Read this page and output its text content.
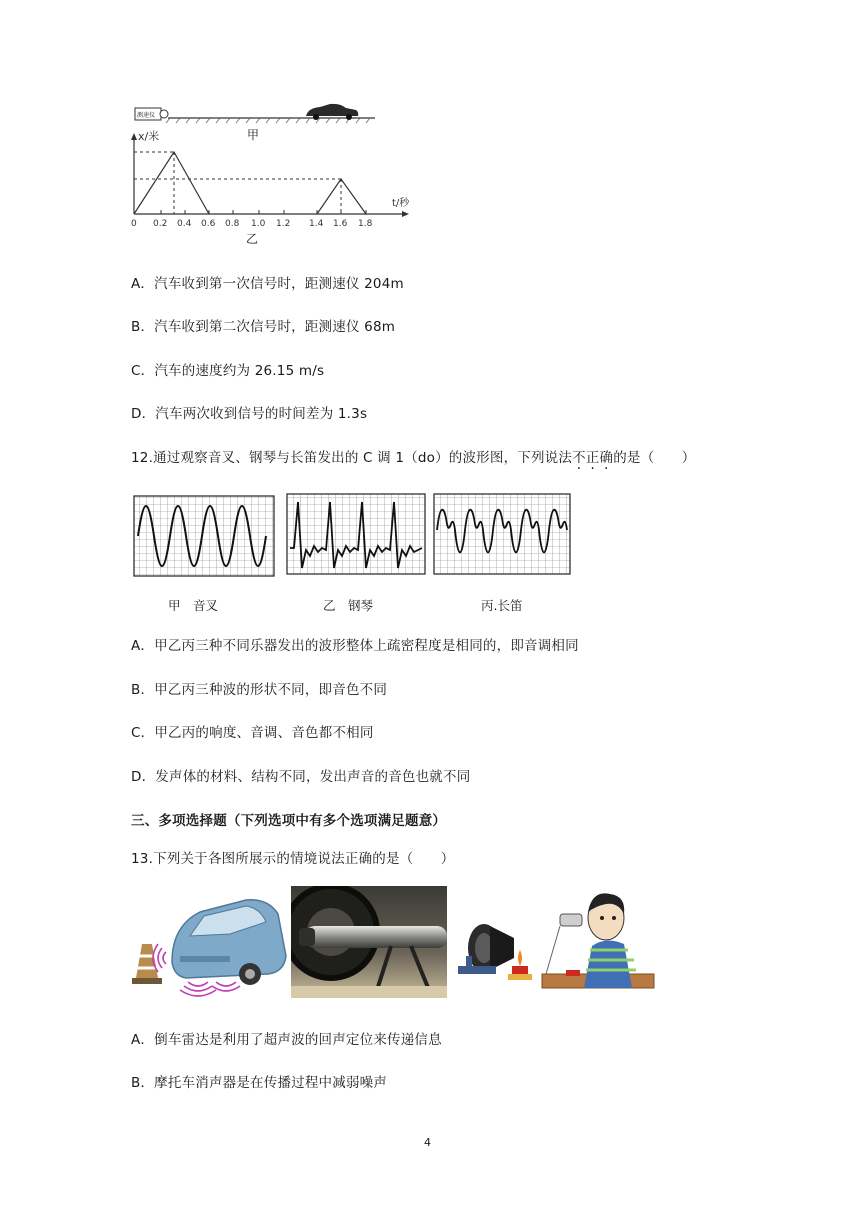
测速仪
甲
x/米
t/秒
0 0.2 0.4 0.6 0.8 1.0 1.2 1.4 1.6 1.8
乙
A．汽车收到第一次信号时，距测速仪 204m
B．汽车收到第二次信号时，距测速仪 68m
C．汽车的速度约为 26.15 m/s
D．汽车两次收到信号的时间差为 1.3s
12.通过观察音叉、钢琴与长笛发出的 C 调 1（do）的波形图，下列说法不正确的是（　　）
甲　音叉	乙　钢琴	丙.长笛
A．甲乙丙三种不同乐器发出的波形整体上疏密程度是相同的，即音调相同
B．甲乙丙三种波的形状不同，即音色不同
C．甲乙丙的响度、音调、音色都不相同
D．发声体的材料、结构不同，发出声音的音色也就不同
三、多项选择题（下列选项中有多个选项满足题意）
13.下列关于各图所展示的情境说法正确的是（　　）
A．倒车雷达是利用了超声波的回声定位来传递信息
B．摩托车消声器是在传播过程中减弱噪声
4
